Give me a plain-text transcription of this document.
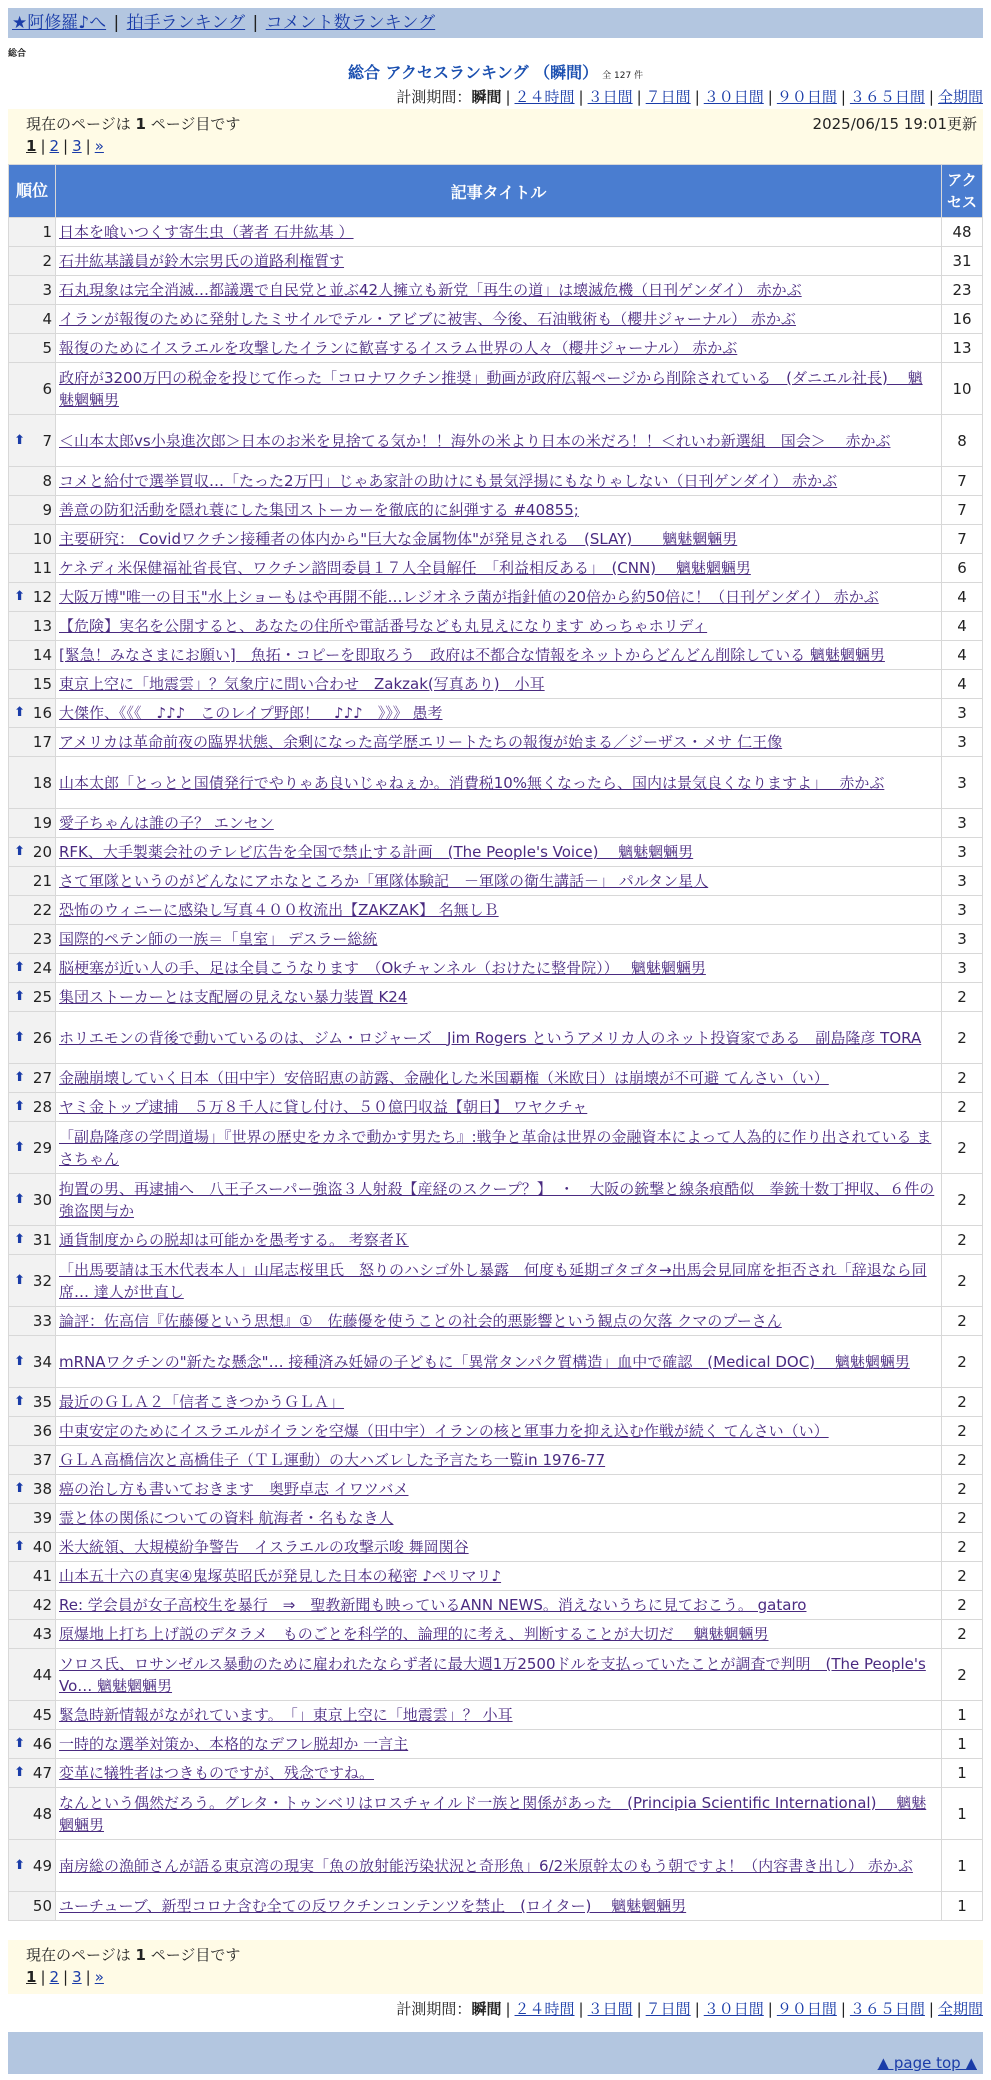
★阿修羅♪へ | 拍手ランキング | コメント数ランキング
総合
総合 アクセスランキング （瞬間） 全 127 件
計測期間：瞬間 | ２４時間 | ３日間 | ７日間 | ３０日間 | ９０日間 | ３６５日間 | 全期間
現在のページは 1 ページ目です	2025/06/15 19:01更新
1 | 2 | 3 | »
順位	記事タイトル	アクセス
1	日本を喰いつくす寄生虫（著者 石井紘基 ）	48
2	石井紘基議員が鈴木宗男氏の道路利権質す	31
3	石丸現象は完全消滅…都議選で自民党と並ぶ42人擁立も新党「再生の道」は壊滅危機（日刊ゲンダイ） 赤かぶ	23
4	イランが報復のために発射したミサイルでテル・アビブに被害、今後、石油戦術も（櫻井ジャーナル） 赤かぶ	16
5	報復のためにイスラエルを攻撃したイランに歓喜するイスラム世界の人々（櫻井ジャーナル） 赤かぶ	13
6	政府が3200万円の税金を投じて作った「コロナワクチン推奨」動画が政府広報ページから削除されている　(ダニエル社長)　 魑魅魍魎男	10

⬆ 7	＜山本太郎vs小泉進次郎＞日本のお米を見捨てる気か！！海外の米より日本の米だろ！！＜れいわ新選組　国会＞　 赤かぶ	8
8	コメと給付で選挙買収…「たった2万円」じゃあ家計の助けにも景気浮揚にもなりゃしない（日刊ゲンダイ） 赤かぶ	7
9	善意の防犯活動を隠れ蓑にした集団ストーカーを徹底的に糾弾する #40855;	7
10	主要研究： Covidワクチン接種者の体内から"巨大な金属物体"が発見される　(SLAY)　　魑魅魍魎男	7
11	ケネディ米保健福祉省長官、ワクチン諮問委員１７人全員解任　「利益相反ある」　(CNN)　 魑魅魍魎男	6

⬆ 12	大阪万博"唯一の目玉"水上ショーもはや再開不能…レジオネラ菌が指針値の20倍から約50倍に！（日刊ゲンダイ） 赤かぶ	4
13	【危険】実名を公開すると、あなたの住所や電話番号なども丸見えになります めっちゃホリディ	4
14	[緊急！みなさまにお願い]　魚拓・コピーを即取ろう　政府は不都合な情報をネットからどんどん削除している 魑魅魍魎男	4
15	東京上空に「地震雲」？気象庁に問い合わせ　Zakzak(写真あり)　小耳	4

⬆ 16	大傑作、《《《　♪♪♪　このレイプ野郎！　♪♪♪　》》》 愚考	3
17	アメリカは革命前夜の臨界状態、余剰になった高学歴エリートたちの報復が始まる／ジーザス・メサ 仁王像	3
18	山本太郎「とっとと国債発行でやりゃあ良いじゃねぇか。消費税10%無くなったら、国内は景気良くなりますよ」　 赤かぶ	3
19	愛子ちゃんは誰の子？ エンセン	3

⬆ 20	RFK、大手製薬会社のテレビ広告を全国で禁止する計画　(The People's Voice)　 魑魅魍魎男	3
21	さて軍隊というのがどんなにアホなところか「軍隊体験記　－軍隊の衛生講話－」 パルタン星人	3
22	恐怖のウィニーに感染し写真４００枚流出【ZAKZAK】 名無しＢ	3
23	国際的ペテン師の一族＝「皇室」 デスラー総統	3

⬆ 24	脳梗塞が近い人の手、足は全員こうなります　（Okチャンネル（おけたに整骨院））　 魑魅魍魎男	3

⬆ 25	集団ストーカーとは支配層の見えない暴力装置 K24	2

⬆ 26	ホリエモンの背後で動いているのは、ジム・ロジャーズ　Jim Rogers というアメリカ人のネット投資家である　副島隆彦 TORA	2

⬆ 27	金融崩壊していく日本（田中宇）安倍昭恵の訪露、金融化した米国覇権（米欧日）は崩壊が不可避 てんさい（い）	2

⬆ 28	ヤミ金トップ逮捕　５万８千人に貸し付け、５０億円収益【朝日】 ワヤクチャ	2

⬆ 29	「副島隆彦の学問道場」『世界の歴史をカネで動かす男たち』:戦争と革命は世界の金融資本によって人為的に作り出されている まさちゃん	2

⬆ 30	拘置の男、再逮捕へ　八王子スーパー強盗３人射殺【産経のスクープ？】　・　大阪の銃撃と線条痕酷似　拳銃十数丁押収、６件の強盗関与か	2

⬆ 31	通貨制度からの脱却は可能かを愚考する。 考察者Ｋ	2

⬆ 32	「出馬要請は玉木代表本人」山尾志桜里氏　怒りのハシゴ外し暴露　何度も延期ゴタゴタ→出馬会見同席を拒否され「辞退なら同席… 達人が世直し	2
33	論評：佐高信『佐藤優という思想』①　佐藤優を使うことの社会的悪影響という観点の欠落 クマのプーさん	2

⬆ 34	mRNAワクチンの"新たな懸念"… 接種済み妊婦の子どもに「異常タンパク質構造」血中で確認　(Medical DOC)　 魑魅魍魎男	2

⬆ 35	最近のＧＬＡ２「信者こきつかうＧＬＡ」	2
36	中東安定のためにイスラエルがイランを空爆（田中宇）イランの核と軍事力を抑え込む作戦が続く てんさい（い）	2
37	ＧＬＡ高橋信次と高橋佳子（ＴＬ運動）の大ハズレした予言たち一覧in 1976-77	2

⬆ 38	癌の治し方も書いておきます　奥野卓志 イワツバメ	2
39	霊と体の関係についての資料 航海者・名もなき人	2

⬆ 40	米大統領、大規模紛争警告　イスラエルの攻撃示唆 舞岡関谷	2
41	山本五十六の真実④鬼塚英昭氏が発見した日本の秘密 ♪ペリマリ♪	2
42	Re: 学会員が女子高校生を暴行　⇒　聖教新聞も映っているANN NEWS。消えないうちに見ておこう。 gataro	2
43	原爆地上打ち上げ説のデタラメ　ものごとを科学的、論理的に考え、判断することが大切だ　 魑魅魍魎男	2
44	ソロス氏、ロサンゼルス暴動のために雇われたならず者に最大週1万2500ドルを支払っていたことが調査で判明　(The People's Vo… 魑魅魍魎男	2
45	緊急時新情報がながれています。　「」東京上空に「地震雲」？ 小耳	1

⬆ 46	一時的な選挙対策か、本格的なデフレ脱却か 一言主	1

⬆ 47	変革に犠牲者はつきものですが、残念ですね。	1
48	なんという偶然だろう。グレタ・トゥンベリはロスチャイルド一族と関係があった　(Principia Scientific International)　 魑魅魍魎男	1

⬆ 49	南房総の漁師さんが語る東京湾の現実「魚の放射能汚染状況と奇形魚」6/2米原幹太のもう朝ですよ！（内容書き出し） 赤かぶ	1
50	ユーチューブ、新型コロナ含む全ての反ワクチンコンテンツを禁止　(ロイター)　 魑魅魍魎男	1
現在のページは 1 ページ目です
1 | 2 | 3 | »
計測期間：瞬間 | ２４時間 | ３日間 | ７日間 | ３０日間 | ９０日間 | ３６５日間 | 全期間
▲ page top ▲
